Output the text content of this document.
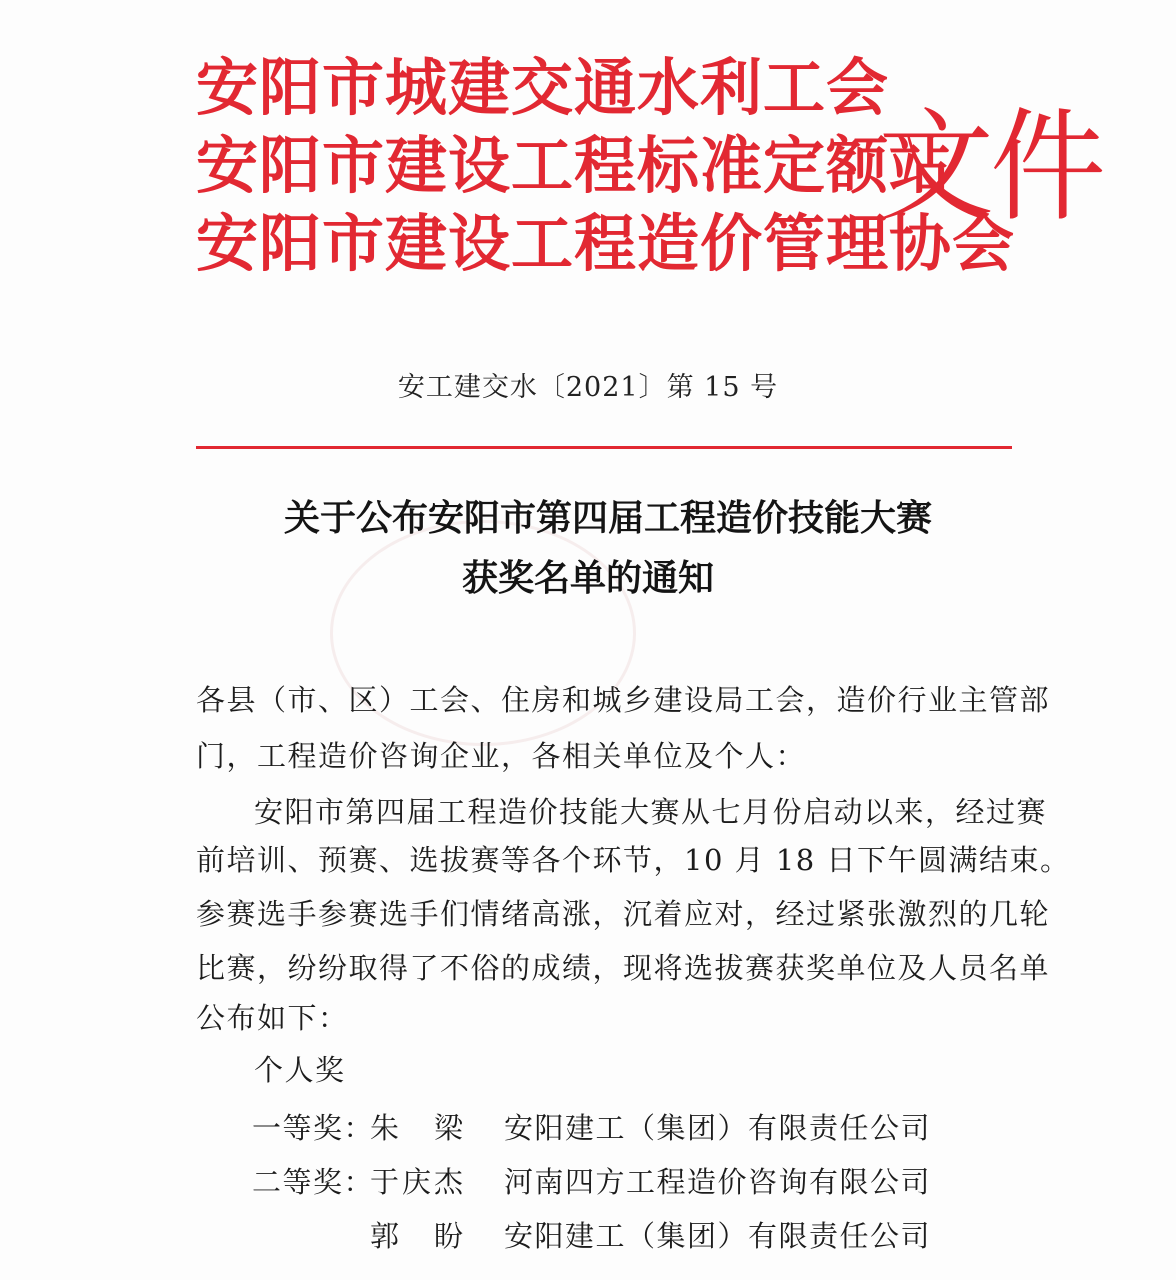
安阳市城建交通水利工会
安阳市建设工程标准定额站
安阳市建设工程造价管理协会
文件
安工建交水〔2021〕第 15 号
关于公布安阳市第四届工程造价技能大赛
获奖名单的通知
各县（市、区）工会、住房和城乡建设局工会，造价行业主管部
门，工程造价咨询企业，各相关单位及个人：
安阳市第四届工程造价技能大赛从七月份启动以来，经过赛
前培训、预赛、选拔赛等各个环节，10 月 18 日下午圆满结束。
参赛选手参赛选手们情绪高涨，沉着应对，经过紧张激烈的几轮
比赛，纷纷取得了不俗的成绩，现将选拔赛获奖单位及人员名单
公布如下：
个人奖
一等奖：朱　梁 安阳建工（集团）有限责任公司
二等奖：于庆杰 河南四方工程造价咨询有限公司
郭　盼 安阳建工（集团）有限责任公司
